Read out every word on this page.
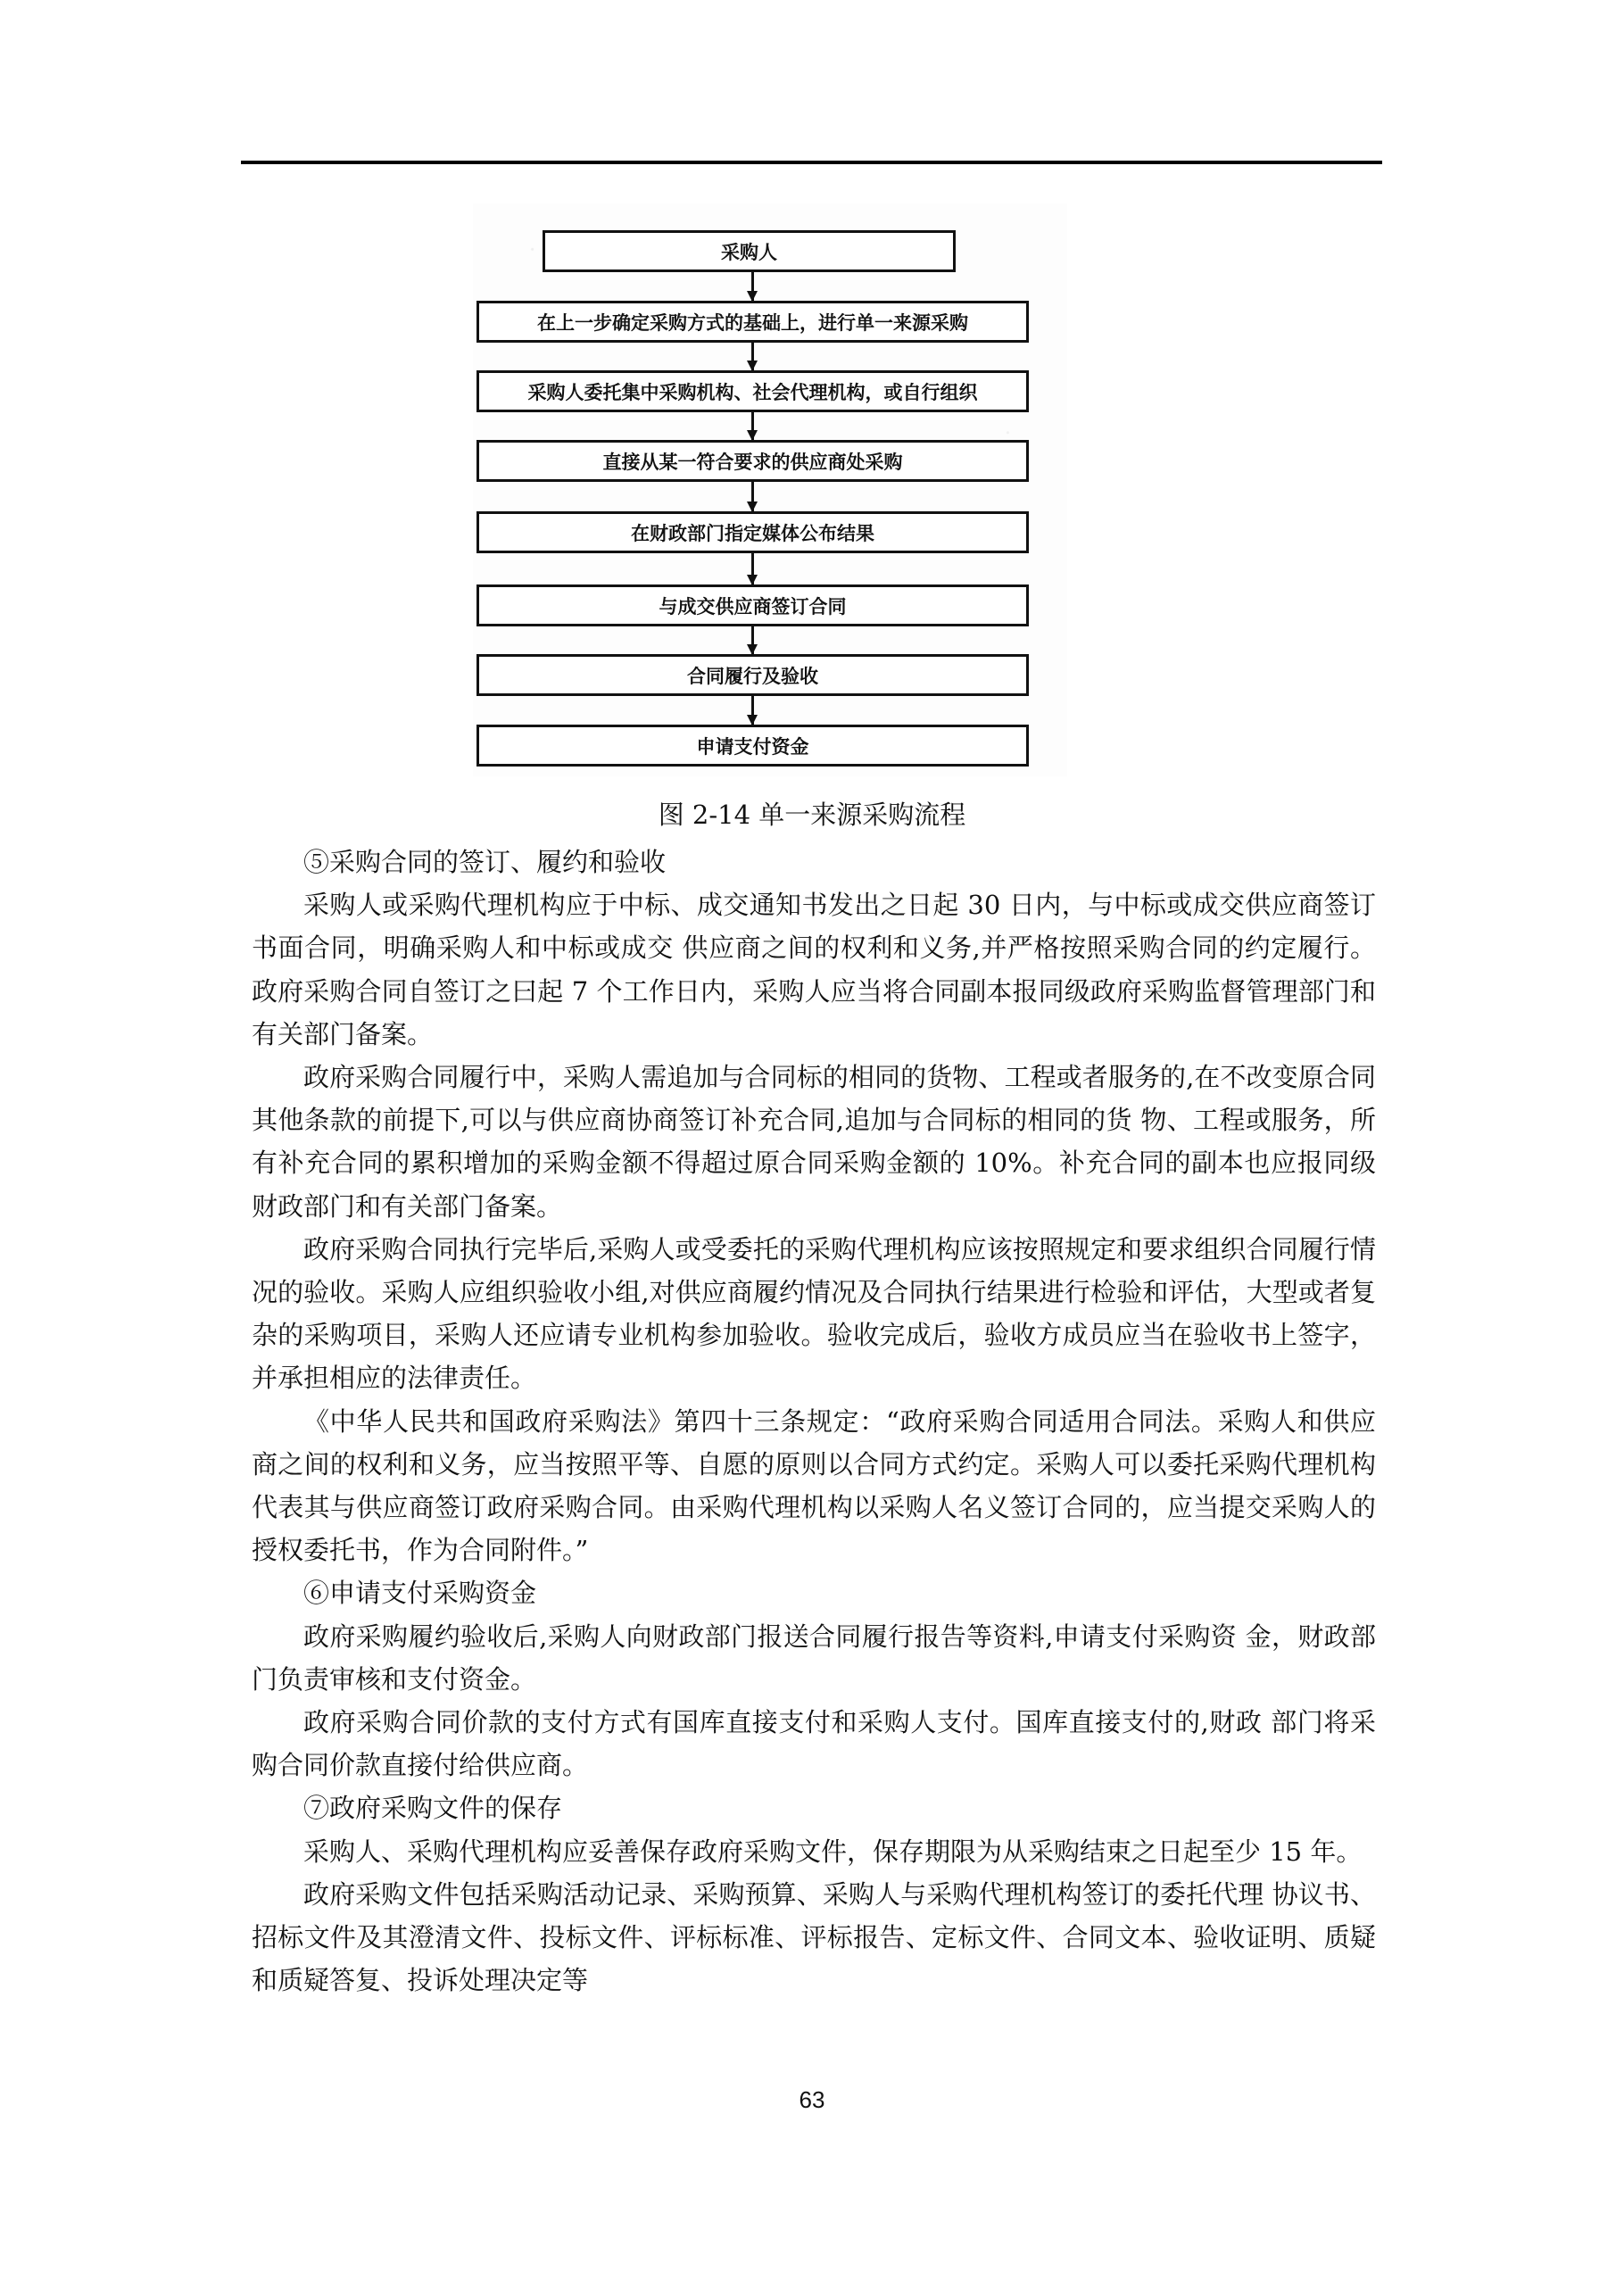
采购人
在上一步确定采购方式的基础上，进行单一来源采购
采购人委托集中采购机构、社会代理机构，或自行组织
直接从某一符合要求的供应商处采购
在财政部门指定媒体公布结果
与成交供应商签订合同
合同履行及验收
申请支付资金
图 2-14 单一来源采购流程

⑤采购合同的签订、履约和验收

采购人或采购代理机构应于中标、成交通知书发出之日起 30 日内，与中标或成交供应商签订书面合同，明确采购人和中标或成交 供应商之间的权利和义务,并严格按照采购合同的约定履行。政府采购合同自签订之曰起 7 个工作日内，采购人应当将合同副本报同级政府采购监督管理部门和有关部门备案。

政府采购合同履行中，采购人需追加与合同标的相同的货物、工程或者服务的,在不改变原合同其他条款的前提下,可以与供应商协商签订补充合同,追加与合同标的相同的货 物、工程或服务，所有补充合同的累积增加的采购金额不得超过原合同采购金额的 10%。补充合同的副本也应报同级财政部门和有关部门备案。

政府采购合同执行完毕后,采购人或受委托的采购代理机构应该按照规定和要求组织合同履行情况的验收。采购人应组织验收小组,对供应商履约情况及合同执行结果进行检验和评估，大型或者复杂的采购项目，采购人还应请专业机构参加验收。验收完成后，验收方成员应当在验收书上签字，并承担相应的法律责任。

《中华人民共和国政府采购法》第四十三条规定：“政府采购合同适用合同法。采购人和供应商之间的权利和义务，应当按照平等、自愿的原则以合同方式约定。采购人可以委托采购代理机构代表其与供应商签订政府采购合同。由采购代理机构以采购人名义签订合同的，应当提交采购人的授权委托书，作为合同附件。”

⑥申请支付采购资金

政府采购履约验收后,采购人向财政部门报送合同履行报告等资料,申请支付采购资 金，财政部门负责审核和支付资金。

政府采购合同价款的支付方式有国库直接支付和采购人支付。国库直接支付的,财政 部门将采购合同价款直接付给供应商。

⑦政府采购文件的保存

采购人、采购代理机构应妥善保存政府采购文件，保存期限为从采购结束之日起至少 15 年。

政府采购文件包括采购活动记录、采购预算、采购人与采购代理机构签订的委托代理 协议书、招标文件及其澄清文件、投标文件、评标标准、评标报告、定标文件、合同文本、验收证明、质疑和质疑答复、投诉处理决定等

63
